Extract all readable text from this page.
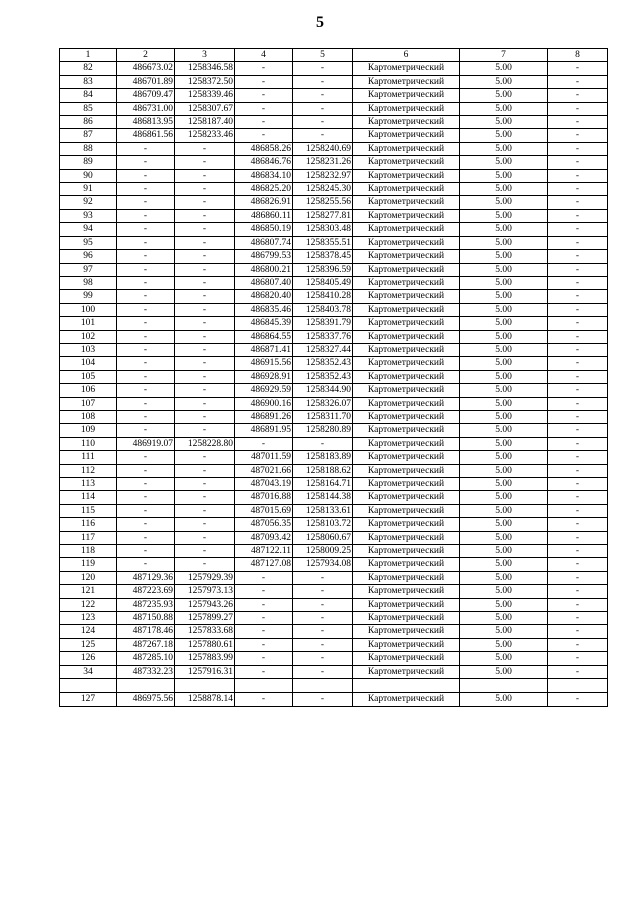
5
1	2	3	4	5	6	7	8
82	486673.02	1258346.58	-	-	Картометрический	5.00	-
83	486701.89	1258372.50	-	-	Картометрический	5.00	-
84	486709.47	1258339.46	-	-	Картометрический	5.00	-
85	486731.00	1258307.67	-	-	Картометрический	5.00	-
86	486813.95	1258187.40	-	-	Картометрический	5.00	-
87	486861.56	1258233.46	-	-	Картометрический	5.00	-
88	-	-	486858.26	1258240.69	Картометрический	5.00	-
89	-	-	486846.76	1258231.26	Картометрический	5.00	-
90	-	-	486834.10	1258232.97	Картометрический	5.00	-
91	-	-	486825.20	1258245.30	Картометрический	5.00	-
92	-	-	486826.91	1258255.56	Картометрический	5.00	-
93	-	-	486860.11	1258277.81	Картометрический	5.00	-
94	-	-	486850.19	1258303.48	Картометрический	5.00	-
95	-	-	486807.74	1258355.51	Картометрический	5.00	-
96	-	-	486799.53	1258378.45	Картометрический	5.00	-
97	-	-	486800.21	1258396.59	Картометрический	5.00	-
98	-	-	486807.40	1258405.49	Картометрический	5.00	-
99	-	-	486820.40	1258410.28	Картометрический	5.00	-
100	-	-	486835.46	1258403.78	Картометрический	5.00	-
101	-	-	486845.39	1258391.79	Картометрический	5.00	-
102	-	-	486864.55	1258337.76	Картометрический	5.00	-
103	-	-	486871.41	1258327.44	Картометрический	5.00	-
104	-	-	486915.56	1258352.43	Картометрический	5.00	-
105	-	-	486928.91	1258352.43	Картометрический	5.00	-
106	-	-	486929.59	1258344.90	Картометрический	5.00	-
107	-	-	486900.16	1258326.07	Картометрический	5.00	-
108	-	-	486891.26	1258311.70	Картометрический	5.00	-
109	-	-	486891.95	1258280.89	Картометрический	5.00	-
110	486919.07	1258228.80	-	-	Картометрический	5.00	-
111	-	-	487011.59	1258183.89	Картометрический	5.00	-
112	-	-	487021.66	1258188.62	Картометрический	5.00	-
113	-	-	487043.19	1258164.71	Картометрический	5.00	-
114	-	-	487016.88	1258144.38	Картометрический	5.00	-
115	-	-	487015.69	1258133.61	Картометрический	5.00	-
116	-	-	487056.35	1258103.72	Картометрический	5.00	-
117	-	-	487093.42	1258060.67	Картометрический	5.00	-
118	-	-	487122.11	1258009.25	Картометрический	5.00	-
119	-	-	487127.08	1257934.08	Картометрический	5.00	-
120	487129.36	1257929.39	-	-	Картометрический	5.00	-
121	487223.69	1257973.13	-	-	Картометрический	5.00	-
122	487235.93	1257943.26	-	-	Картометрический	5.00	-
123	487150.88	1257899.27	-	-	Картометрический	5.00	-
124	487178.46	1257833.68	-	-	Картометрический	5.00	-
125	487267.18	1257880.61	-	-	Картометрический	5.00	-
126	487285.10	1257883.99	-	-	Картометрический	5.00	-
34	487332.23	1257916.31	-	-	Картометрический	5.00	-

127	486975.56	1258878.14	-	-	Картометрический	5.00	-
